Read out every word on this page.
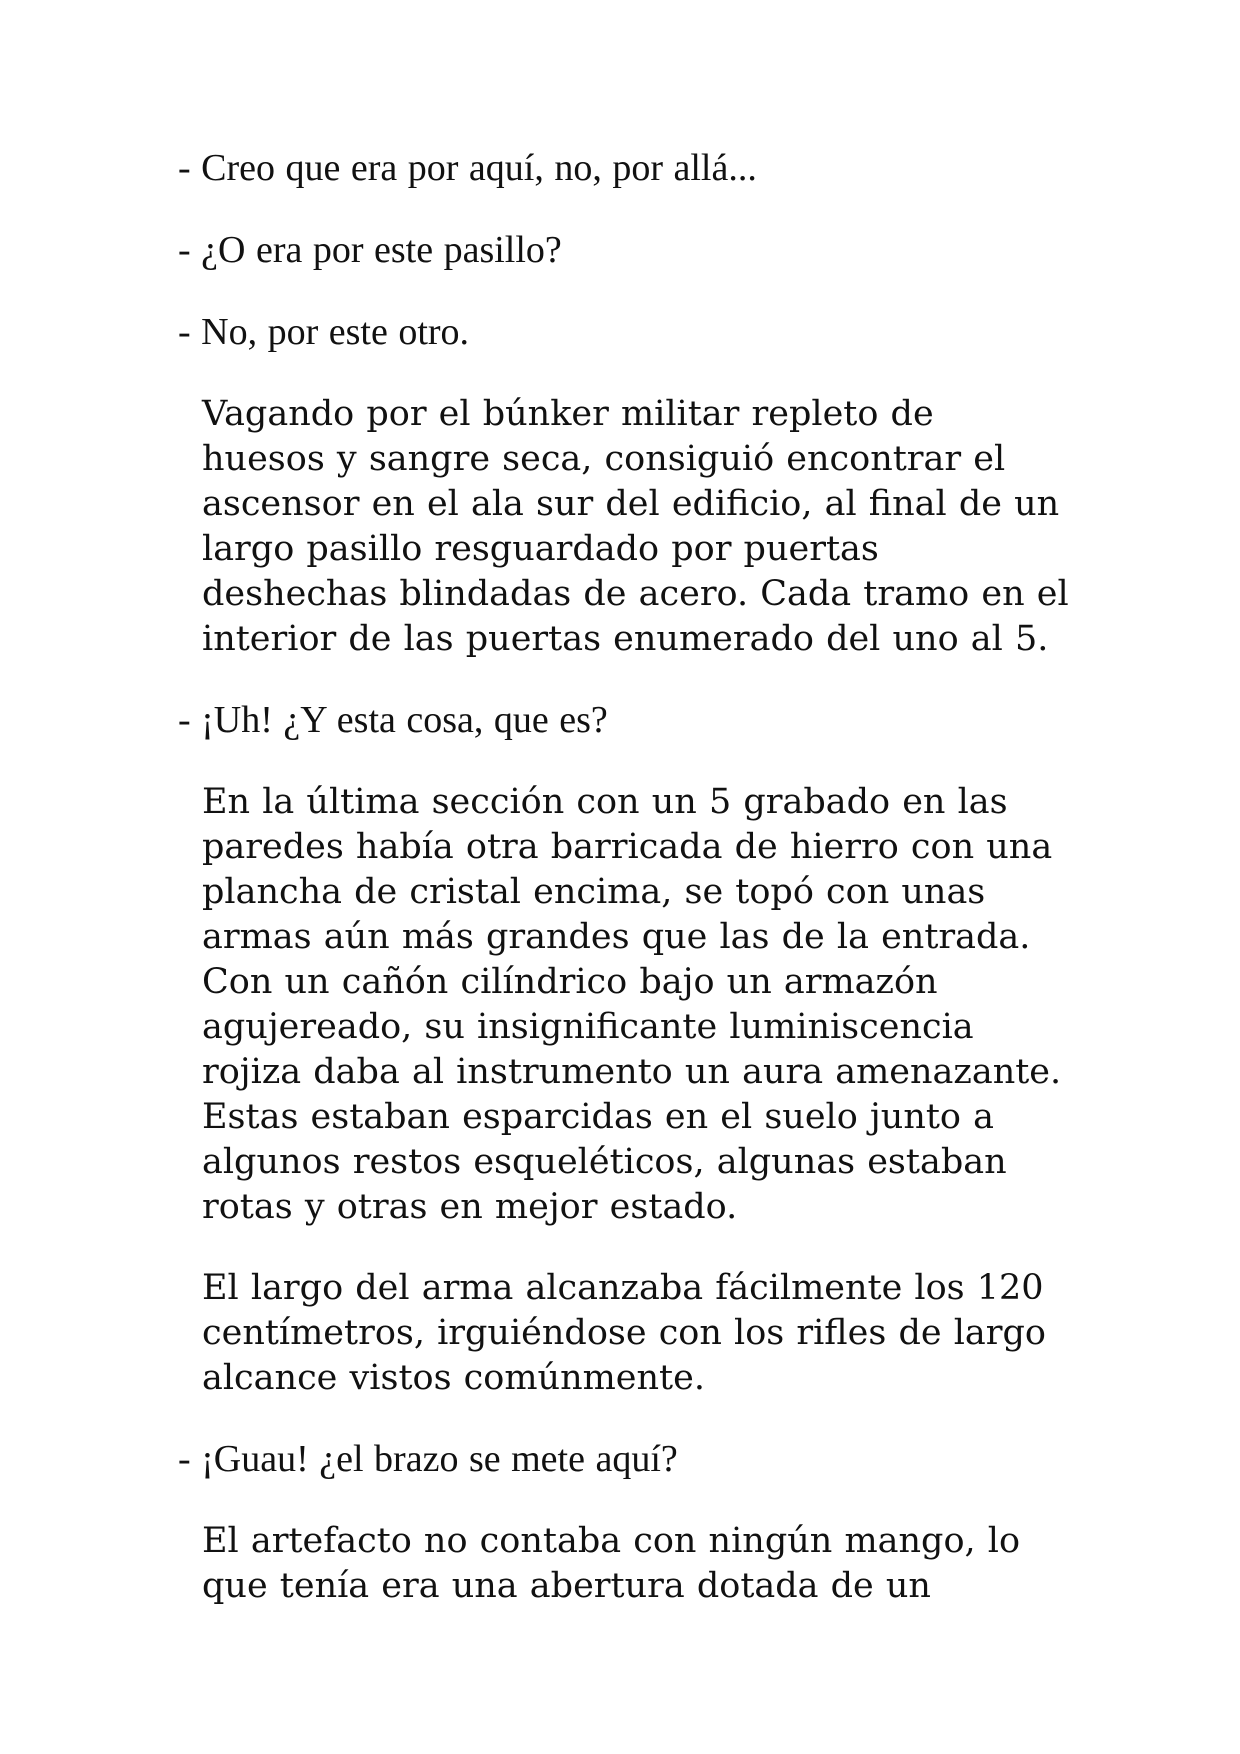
- Creo que era por aquí, no, por allá...

- ¿O era por este pasillo?

- No, por este otro.

Vagando por el búnker militar repleto de
huesos y sangre seca, consiguió encontrar el
ascensor en el ala sur del edificio, al final de un
largo pasillo resguardado por puertas
deshechas blindadas de acero. Cada tramo en el
interior de las puertas enumerado del uno al 5.

- ¡Uh! ¿Y esta cosa, que es?

En la última sección con un 5 grabado en las
paredes había otra barricada de hierro con una
plancha de cristal encima, se topó con unas
armas aún más grandes que las de la entrada.
Con un cañón cilíndrico bajo un armazón
agujereado, su insignificante luminiscencia
rojiza daba al instrumento un aura amenazante.
Estas estaban esparcidas en el suelo junto a
algunos restos esqueléticos, algunas estaban
rotas y otras en mejor estado.

El largo del arma alcanzaba fácilmente los 120
centímetros, irguiéndose con los rifles de largo
alcance vistos comúnmente.

- ¡Guau! ¿el brazo se mete aquí?

El artefacto no contaba con ningún mango, lo
que tenía era una abertura dotada de un
